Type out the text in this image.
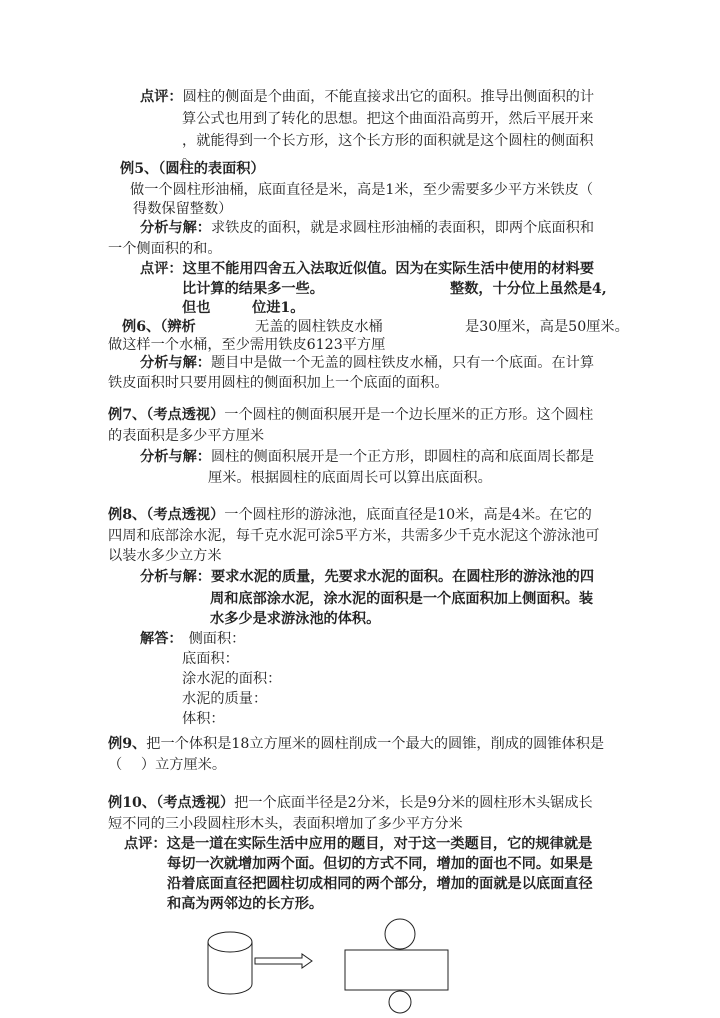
点评：圆柱的侧面是个曲面，不能直接求出它的面积。推导出侧面积的计
算公式也用到了转化的思想。把这个曲面沿高剪开，然后平展开来
，就能得到一个长方形，这个长方形的面积就是这个圆柱的侧面积
。
例5、（圆柱的表面积）
做一个圆柱形油桶，底面直径是米，高是1米，至少需要多少平方米铁皮（
得数保留整数）
分析与解：求铁皮的面积，就是求圆柱形油桶的表面积，即两个底面积和
一个侧面积的和。
点评：这里不能用四舍五入法取近似值。因为在实际生活中使用的材料要
比计算的结果多一些。	整数，十分位上虽然是4,
但也	位进1。
例6、（辨析	无盖的圆柱铁皮水桶	是30厘米，高是50厘米。
做这样一个水桶，至少需用铁皮6123平方厘
分析与解：题目中是做一个无盖的圆柱铁皮水桶，只有一个底面。在计算
铁皮面积时只要用圆柱的侧面积加上一个底面的面积。
例7、（考点透视）一个圆柱的侧面积展开是一个边长厘米的正方形。这个圆柱
的表面积是多少平方厘米
分析与解：圆柱的侧面积展开是一个正方形，即圆柱的高和底面周长都是
厘米。根据圆柱的底面周长可以算出底面积。
例8、（考点透视）一个圆柱形的游泳池，底面直径是10米，高是4米。在它的
四周和底部涂水泥，每千克水泥可涂5平方米，共需多少千克水泥这个游泳池可
以装水多少立方米
分析与解：要求水泥的质量，先要求水泥的面积。在圆柱形的游泳池的四
周和底部涂水泥，涂水泥的面积是一个底面积加上侧面积。装
水多少是求游泳池的体积。
解答： 侧面积：
底面积：
涂水泥的面积：
水泥的质量：
体积：
例9、把一个体积是18立方厘米的圆柱削成一个最大的圆锥，削成的圆锥体积是
（　 ）立方厘米。
例10、（考点透视）把一个底面半径是2分米，长是9分米的圆柱形木头锯成长
短不同的三小段圆柱形木头，表面积增加了多少平方分米
点评：这是一道在实际生活中应用的题目，对于这一类题目，它的规律就是
每切一次就增加两个面。但切的方式不同，增加的面也不同。如果是
沿着底面直径把圆柱切成相同的两个部分，增加的面就是以底面直径
和高为两邻边的长方形。
